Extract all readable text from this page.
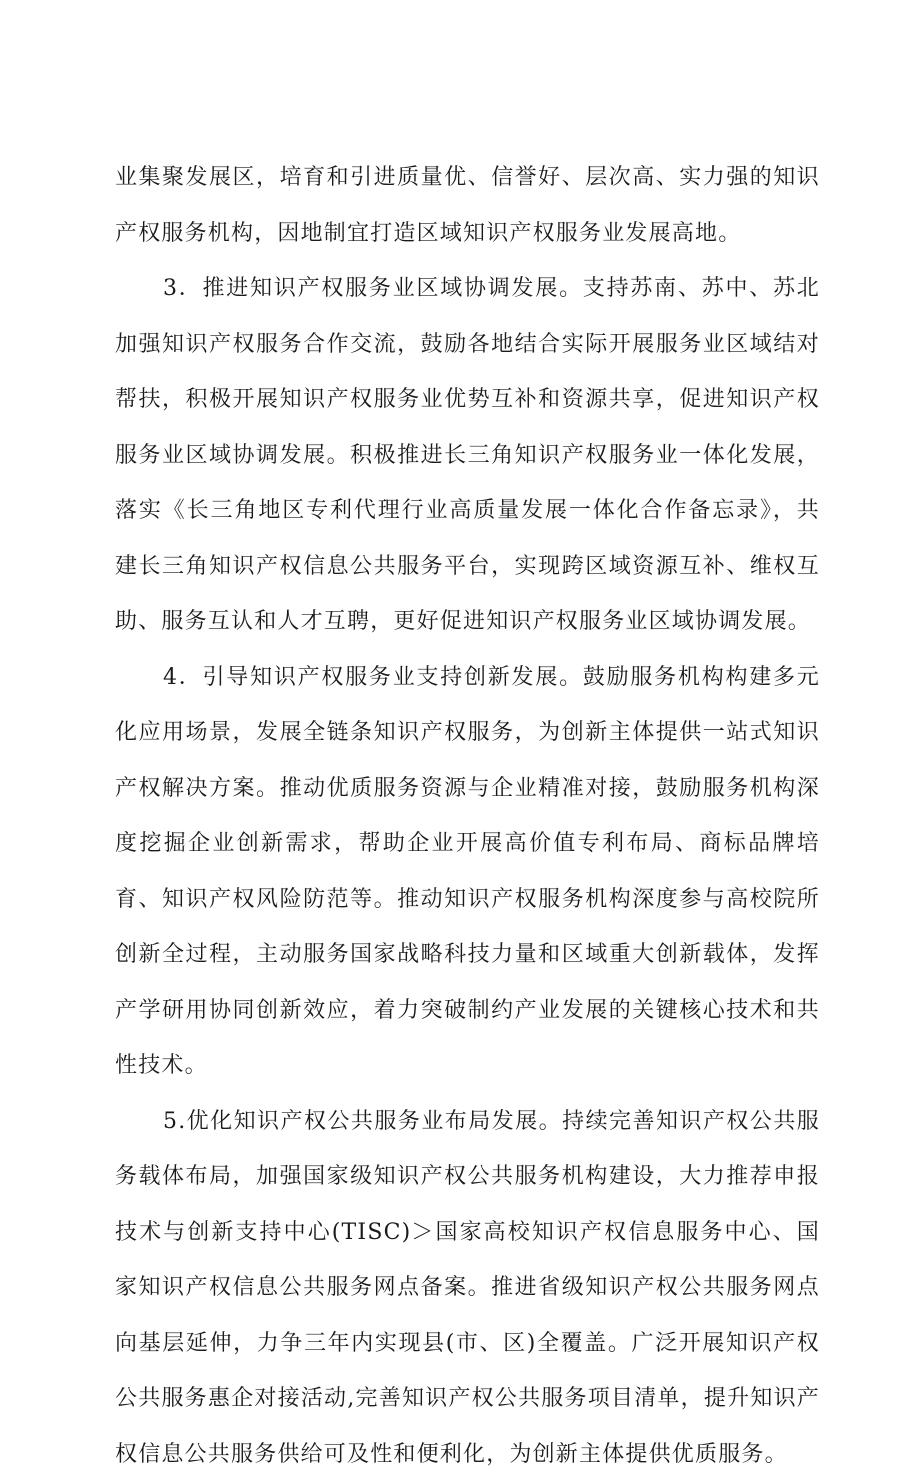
业集聚发展区，培育和引进质量优、信誉好、层次高、实力强的知识产权服务机构，因地制宜打造区域知识产权服务业发展高地。

3．推进知识产权服务业区域协调发展。支持苏南、苏中、苏北加强知识产权服务合作交流，鼓励各地结合实际开展服务业区域结对帮扶，积极开展知识产权服务业优势互补和资源共享，促进知识产权服务业区域协调发展。积极推进长三角知识产权服务业一体化发展，落实《长三角地区专利代理行业高质量发展一体化合作备忘录》，共建长三角知识产权信息公共服务平台，实现跨区域资源互补、维权互助、服务互认和人才互聘，更好促进知识产权服务业区域协调发展。

4．引导知识产权服务业支持创新发展。鼓励服务机构构建多元化应用场景，发展全链条知识产权服务，为创新主体提供一站式知识产权解决方案。推动优质服务资源与企业精准对接，鼓励服务机构深度挖掘企业创新需求，帮助企业开展高价值专利布局、商标品牌培育、知识产权风险防范等。推动知识产权服务机构深度参与高校院所创新全过程，主动服务国家战略科技力量和区域重大创新载体，发挥产学研用协同创新效应，着力突破制约产业发展的关键核心技术和共性技术。

5.优化知识产权公共服务业布局发展。持续完善知识产权公共服务载体布局，加强国家级知识产权公共服务机构建设，大力推荐申报技术与创新支持中心(TISC)＞国家高校知识产权信息服务中心、国家知识产权信息公共服务网点备案。推进省级知识产权公共服务网点向基层延伸，力争三年内实现县(市、区)全覆盖。广泛开展知识产权公共服务惠企对接活动,完善知识产权公共服务项目清单，提升知识产权信息公共服务供给可及性和便利化，为创新主体提供优质服务。
